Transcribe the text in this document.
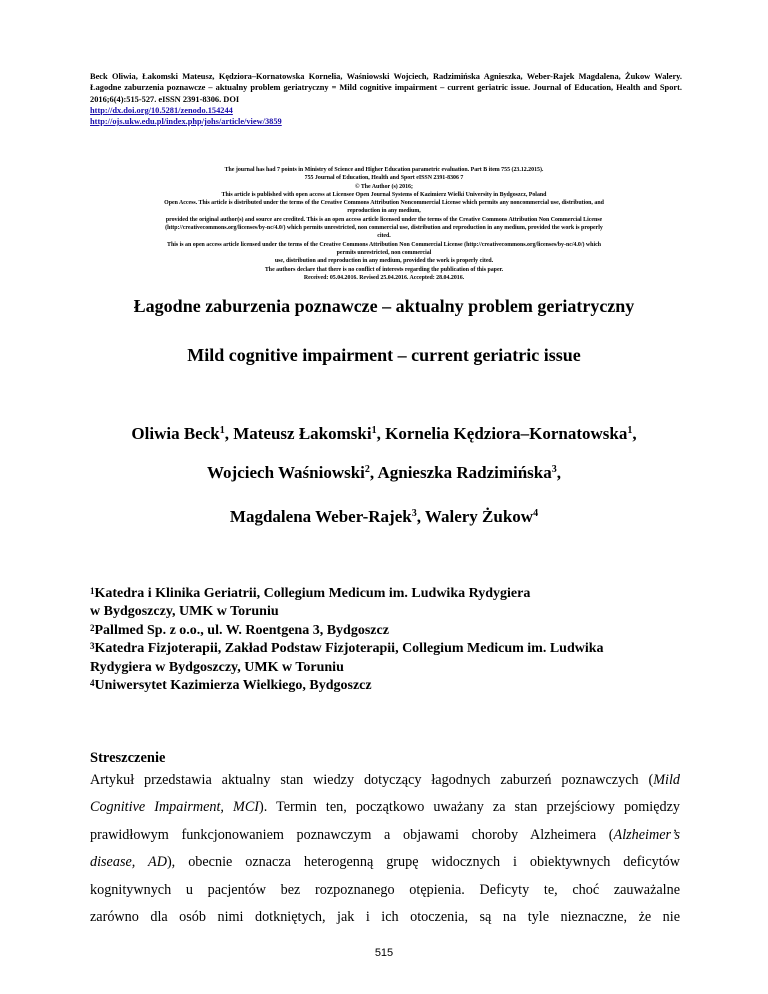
Beck Oliwia, Łakomski Mateusz, Kędziora–Kornatowska Kornelia, Waśniowski Wojciech, Radzimińska Agnieszka, Weber-Rajek Magdalena, Żukow Walery. Łagodne zaburzenia poznawcze – aktualny problem geriatryczny = Mild cognitive impairment – current geriatric issue. Journal of Education, Health and Sport. 2016;6(4):515-527. eISSN 2391-8306. DOI
http://dx.doi.org/10.5281/zenodo.154244
http://ojs.ukw.edu.pl/index.php/johs/article/view/3859
The journal has had 7 points in Ministry of Science and Higher Education parametric evaluation. Part B item 755 (23.12.2015).
755 Journal of Education, Health and Sport eISSN 2391-8306 7
© The Author (s) 2016;
This article is published with open access at Licensee Open Journal Systems of Kazimierz Wielki University in Bydgoszcz, Poland
Open Access. This article is distributed under the terms of the Creative Commons Attribution Noncommercial License which permits any noncommercial use, distribution, and
reproduction in any medium,
provided the original author(s) and source are credited. This is an open access article licensed under the terms of the Creative Commons Attribution Non Commercial License
(http://creativecommons.org/licenses/by-nc/4.0/) which permits unrestricted, non commercial use, distribution and reproduction in any medium, provided the work is properly
cited.
This is an open access article licensed under the terms of the Creative Commons Attribution Non Commercial License (http://creativecommons.org/licenses/by-nc/4.0/) which
permits unrestricted, non commercial
use, distribution and reproduction in any medium, provided the work is properly cited.
The authors declare that there is no conflict of interests regarding the publication of this paper.
Received: 05.04.2016. Revised 25.04.2016. Accepted: 28.04.2016.
Łagodne zaburzenia poznawcze – aktualny problem geriatryczny
Mild cognitive impairment – current geriatric issue
Oliwia Beck$^1$, Mateusz Łakomski$^1$, Kornelia Kędziora–Kornatowska$^1$,
Wojciech Waśniowski$^2$, Agnieszka Radzimińska$^3$,
Magdalena Weber-Rajek$^3$, Walery Żukow$^4$
$^1$Katedra i Klinika Geriatrii, Collegium Medicum im. Ludwika Rydygiera
w Bydgoszczy, UMK w Toruniu
$^2$Pallmed Sp. z o.o., ul. W. Roentgena 3, Bydgoszcz
$^3$Katedra Fizjoterapii, Zakład Podstaw Fizjoterapii, Collegium Medicum im. Ludwika
Rydygiera w Bydgoszczy, UMK w Toruniu
$^4$Uniwersytet Kazimierza Wielkiego, Bydgoszcz
Streszczenie
Artykuł przedstawia aktualny stan wiedzy dotyczący łagodnych zaburzeń poznawczych (Mild
Cognitive Impairment, MCI). Termin ten, początkowo uważany za stan przejściowy pomiędzy
prawidłowym funkcjonowaniem poznawczym a objawami choroby Alzheimera (Alzheimer’s
disease, AD), obecnie oznacza heterogenną grupę widocznych i obiektywnych deficytów
kognitywnych u pacjentów bez rozpoznanego otępienia. Deficyty te, choć zauważalne
zarówno dla osób nimi dotkniętych, jak i ich otoczenia, są na tyle nieznaczne, że nie
515
